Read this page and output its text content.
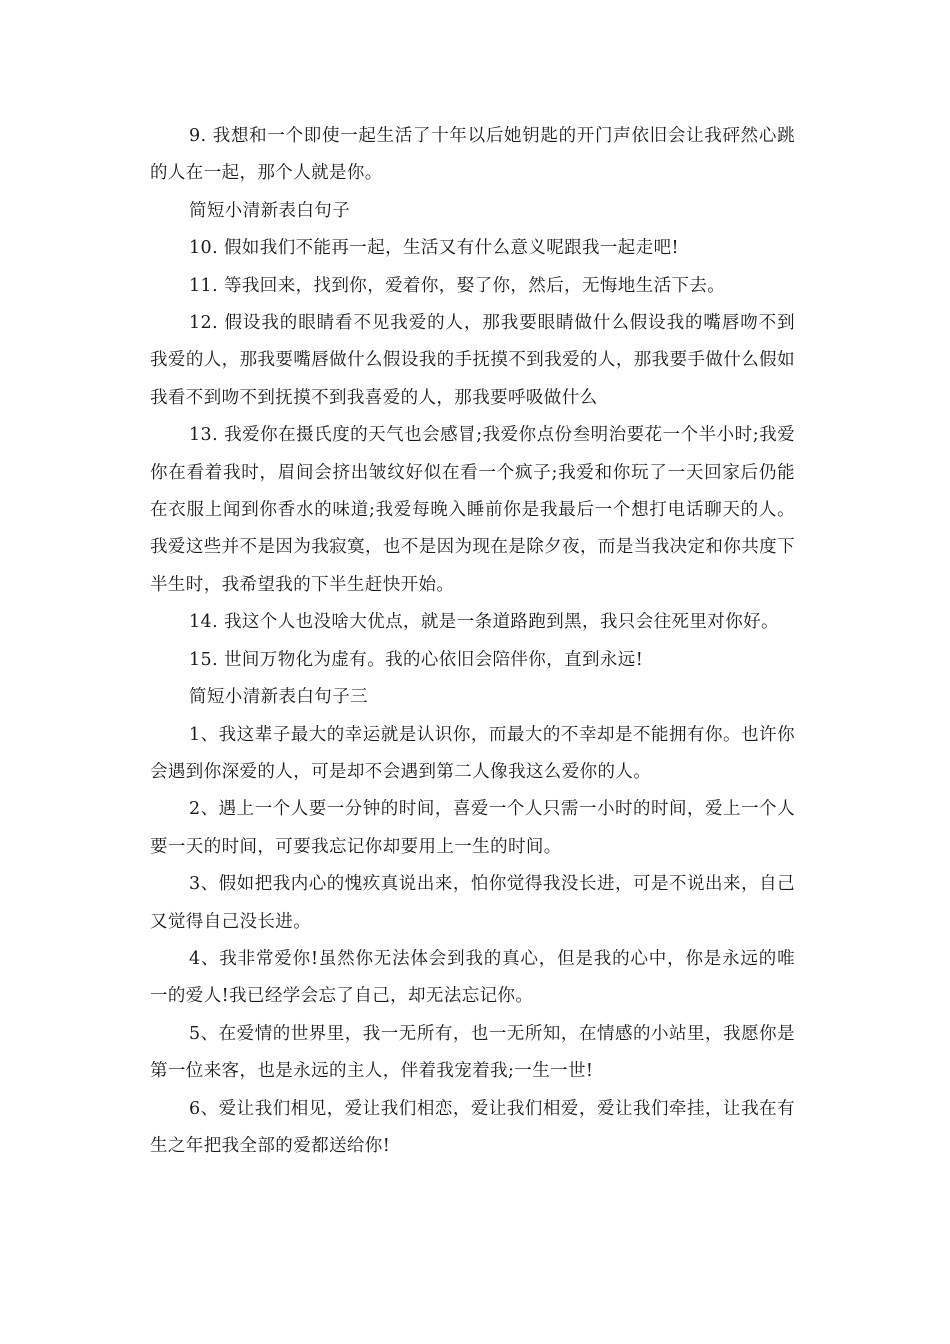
9. 我想和一个即使一起生活了十年以后她钥匙的开门声依旧会让我砰然心跳的人在一起，那个人就是你。

简短小清新表白句子

10. 假如我们不能再一起，生活又有什么意义呢跟我一起走吧!

11. 等我回来，找到你，爱着你，娶了你，然后，无悔地生活下去。

12. 假设我的眼睛看不见我爱的人，那我要眼睛做什么假设我的嘴唇吻不到我爱的人，那我要嘴唇做什么假设我的手抚摸不到我爱的人，那我要手做什么假如我看不到吻不到抚摸不到我喜爱的人，那我要呼吸做什么

13. 我爱你在摄氏度的天气也会感冒;我爱你点份叁明治要花一个半小时;我爱你在看着我时，眉间会挤出皱纹好似在看一个疯子;我爱和你玩了一天回家后仍能在衣服上闻到你香水的味道;我爱每晚入睡前你是我最后一个想打电话聊天的人。我爱这些并不是因为我寂寞，也不是因为现在是除夕夜，而是当我决定和你共度下半生时，我希望我的下半生赶快开始。

14. 我这个人也没啥大优点，就是一条道路跑到黑，我只会往死里对你好。

15. 世间万物化为虚有。我的心依旧会陪伴你，直到永远!

简短小清新表白句子三

1、我这辈子最大的幸运就是认识你，而最大的不幸却是不能拥有你。也许你会遇到你深爱的人，可是却不会遇到第二人像我这么爱你的人。

2、遇上一个人要一分钟的时间，喜爱一个人只需一小时的时间，爱上一个人要一天的时间，可要我忘记你却要用上一生的时间。

3、假如把我内心的愧疚真说出来，怕你觉得我没长进，可是不说出来，自己又觉得自己没长进。

4、我非常爱你!虽然你无法体会到我的真心，但是我的心中，你是永远的唯一的爱人!我已经学会忘了自己，却无法忘记你。

5、在爱情的世界里，我一无所有，也一无所知，在情感的小站里，我愿你是第一位来客，也是永远的主人，伴着我宠着我;一生一世!

6、爱让我们相见，爱让我们相恋，爱让我们相爱，爱让我们牵挂，让我在有生之年把我全部的爱都送给你!
